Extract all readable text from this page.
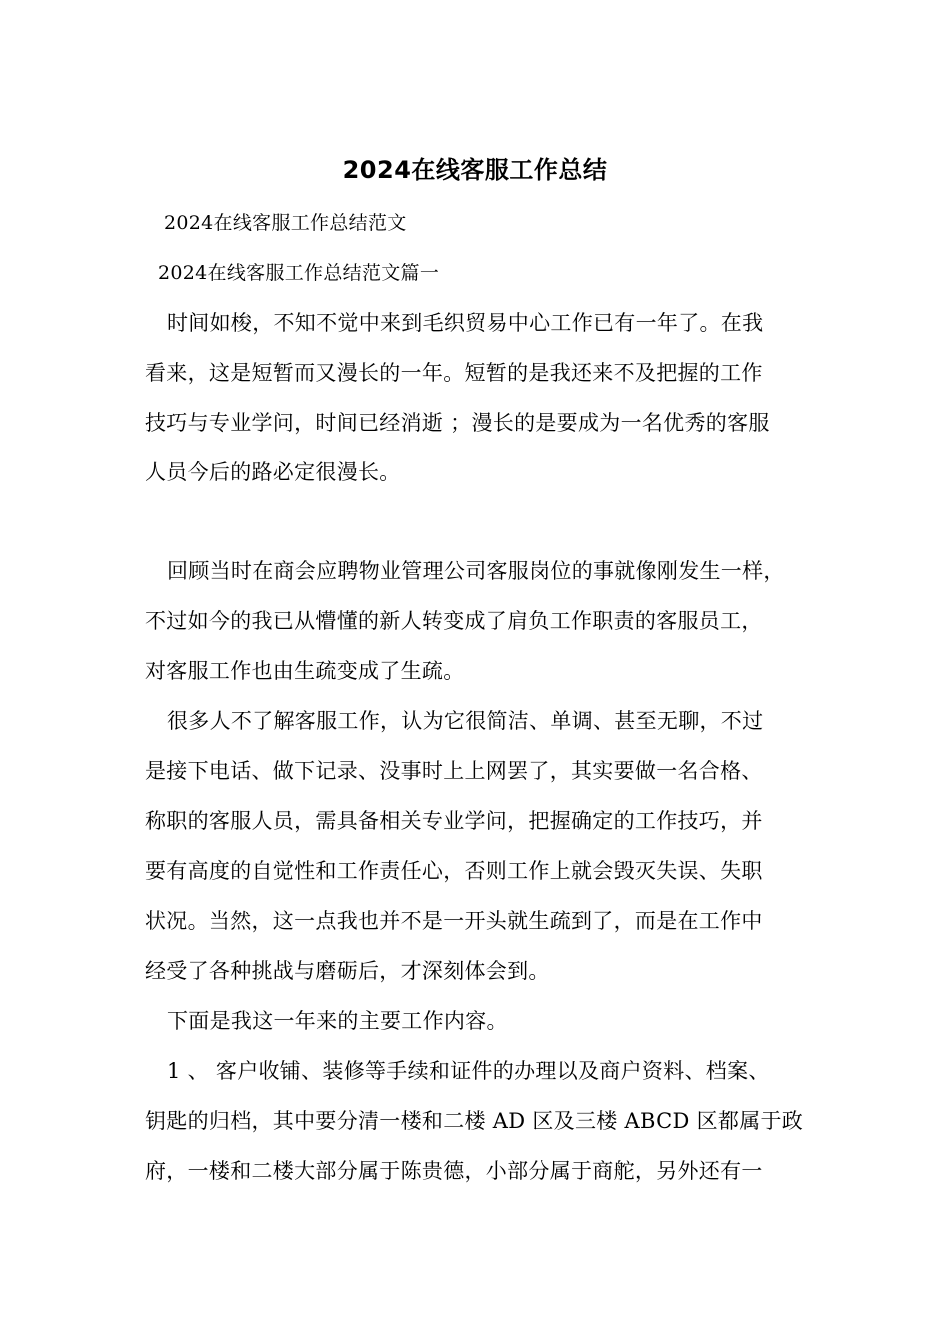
2024在线客服工作总结
2024在线客服工作总结范文
2024在线客服工作总结范文篇一
时间如梭，不知不觉中来到毛织贸易中心工作已有一年了。在我
看来，这是短暂而又漫长的一年。短暂的是我还来不及把握的工作
技巧与专业学问，时间已经消逝 ；漫长的是要成为一名优秀的客服
人员今后的路必定很漫长。
回顾当时在商会应聘物业管理公司客服岗位的事就像刚发生一样，
不过如今的我已从懵懂的新人转变成了肩负工作职责的客服员工，
对客服工作也由生疏变成了生疏。
很多人不了解客服工作，认为它很简洁、单调、甚至无聊，不过
是接下电话、做下记录、没事时上上网罢了，其实要做一名合格、
称职的客服人员，需具备相关专业学问，把握确定的工作技巧，并
要有高度的自觉性和工作责任心，否则工作上就会毁灭失误、失职
状况。当然，这一点我也并不是一开头就生疏到了，而是在工作中
经受了各种挑战与磨砺后，才深刻体会到。
下面是我这一年来的主要工作内容。
1 、 客户收铺、装修等手续和证件的办理以及商户资料、档案、
钥匙的归档，其中要分清一楼和二楼 AD 区及三楼 ABCD 区都属于政
府，一楼和二楼大部分属于陈贵德，小部分属于商舵，另外还有一
